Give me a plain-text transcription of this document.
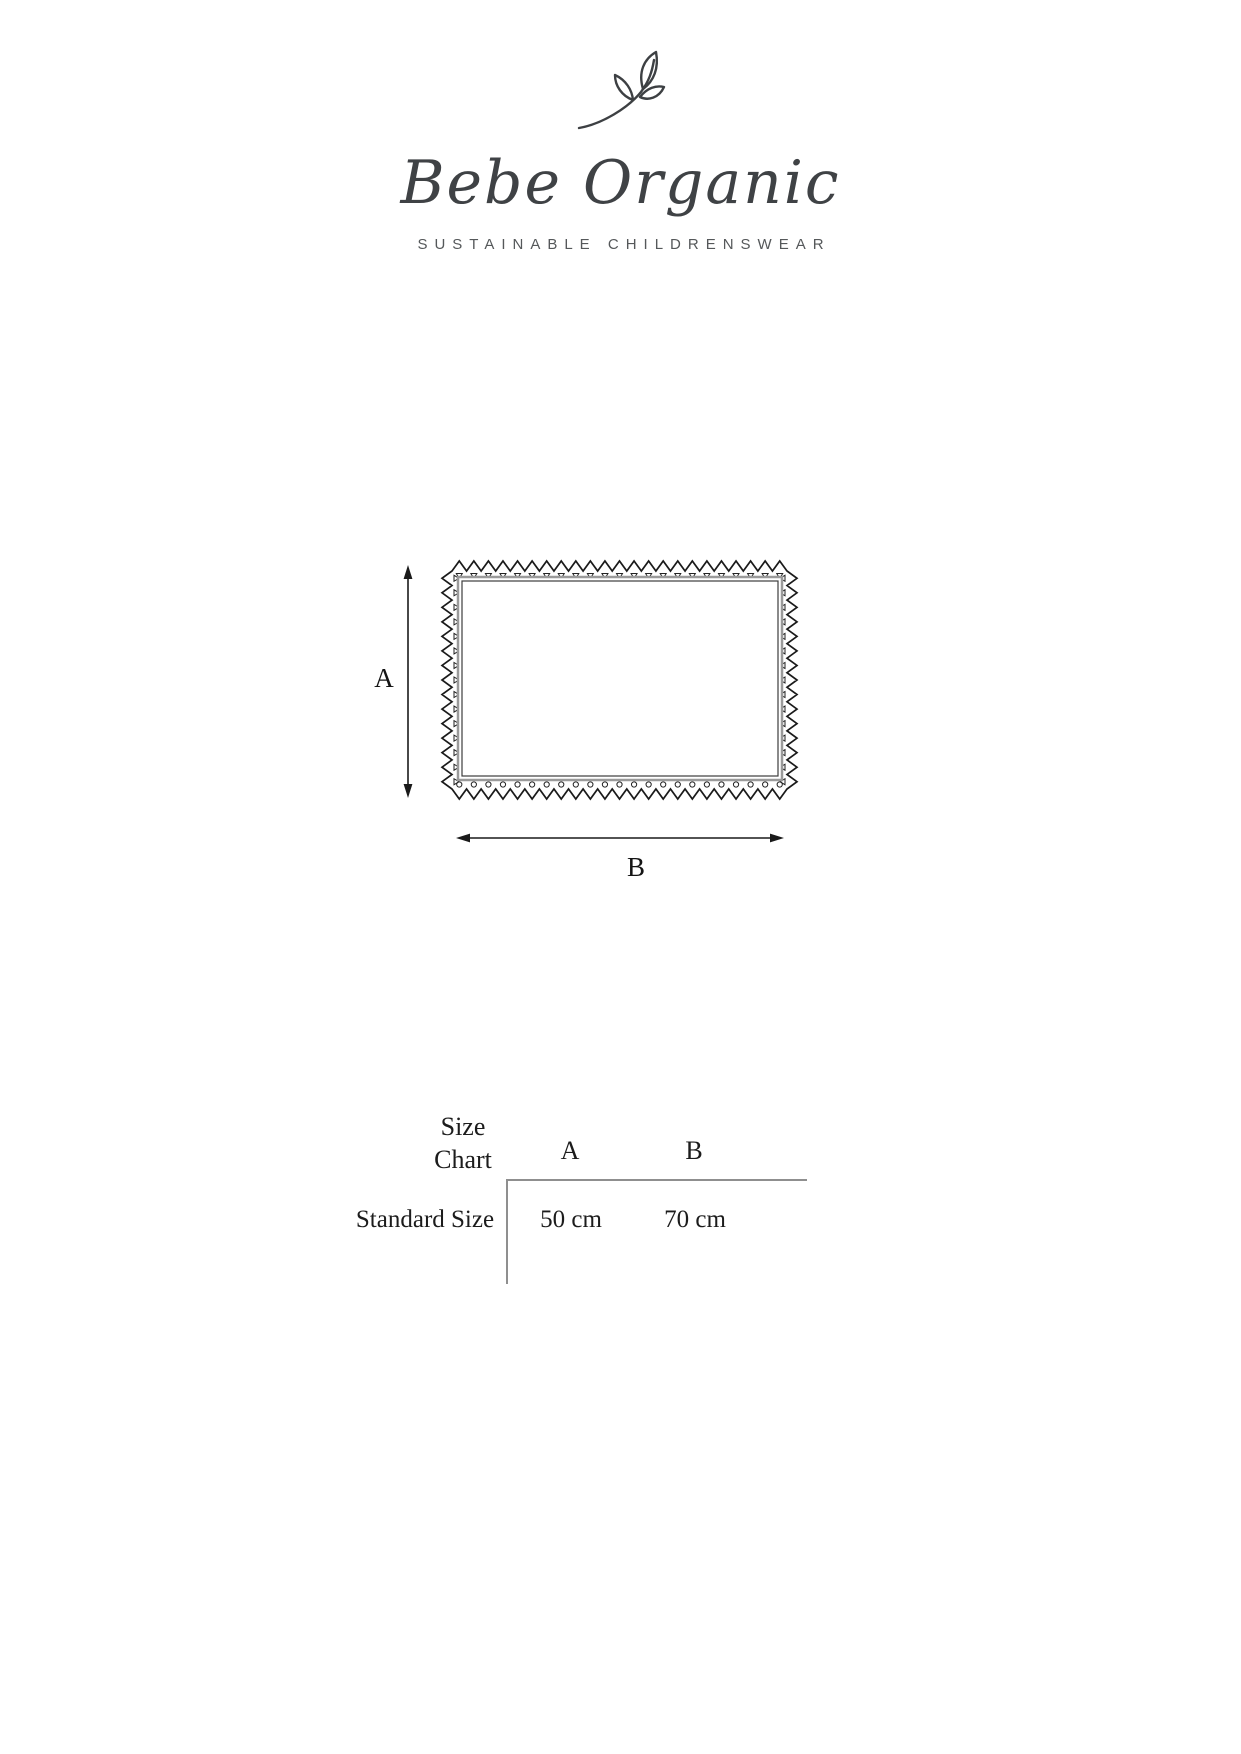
Bebe Organic
SUSTAINABLE CHILDRENSWEAR
A
B
Size Chart	A	B
Standard Size	50 cm	70 cm
